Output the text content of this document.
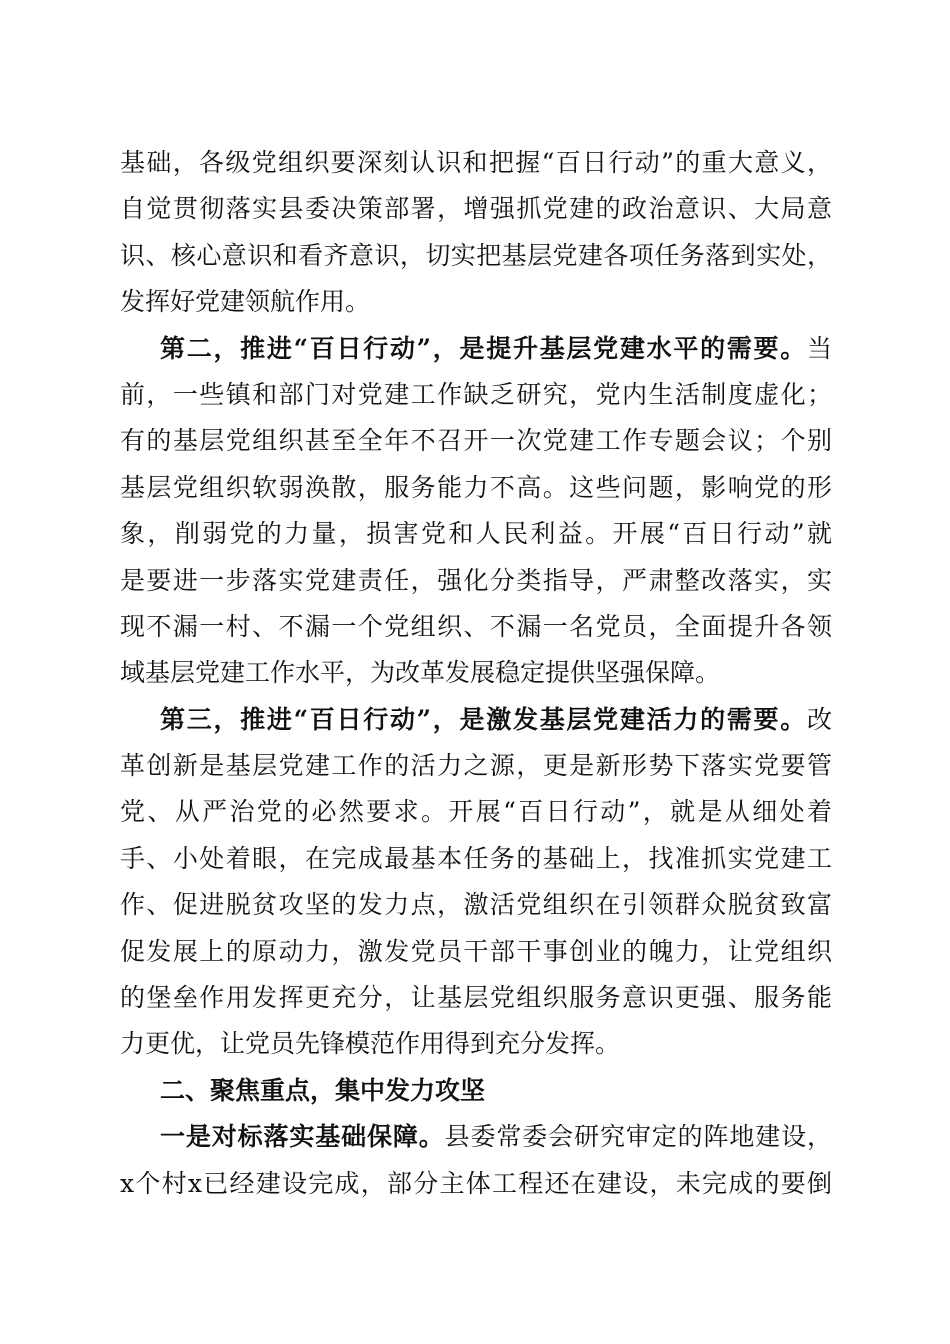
基础，各级党组织要深刻认识和把握“百日行动”的重大意义，
自觉贯彻落实县委决策部署，增强抓党建的政治意识、大局意
识、核心意识和看齐意识，切实把基层党建各项任务落到实处，
发挥好党建领航作用。
第二，推进“百日行动”，是提升基层党建水平的需要。当
前，一些镇和部门对党建工作缺乏研究，党内生活制度虚化；
有的基层党组织甚至全年不召开一次党建工作专题会议；个别
基层党组织软弱涣散，服务能力不高。这些问题，影响党的形
象，削弱党的力量，损害党和人民利益。开展“百日行动”就
是要进一步落实党建责任，强化分类指导，严肃整改落实，实
现不漏一村、不漏一个党组织、不漏一名党员，全面提升各领
域基层党建工作水平，为改革发展稳定提供坚强保障。
第三，推进“百日行动”，是激发基层党建活力的需要。改
革创新是基层党建工作的活力之源，更是新形势下落实党要管
党、从严治党的必然要求。开展“百日行动”，就是从细处着
手、小处着眼，在完成最基本任务的基础上，找准抓实党建工
作、促进脱贫攻坚的发力点，激活党组织在引领群众脱贫致富
促发展上的原动力，激发党员干部干事创业的魄力，让党组织
的堡垒作用发挥更充分，让基层党组织服务意识更强、服务能
力更优，让党员先锋模范作用得到充分发挥。
二、聚焦重点，集中发力攻坚
一是对标落实基础保障。县委常委会研究审定的阵地建设，
x个村x已经建设完成，部分主体工程还在建设，未完成的要倒
